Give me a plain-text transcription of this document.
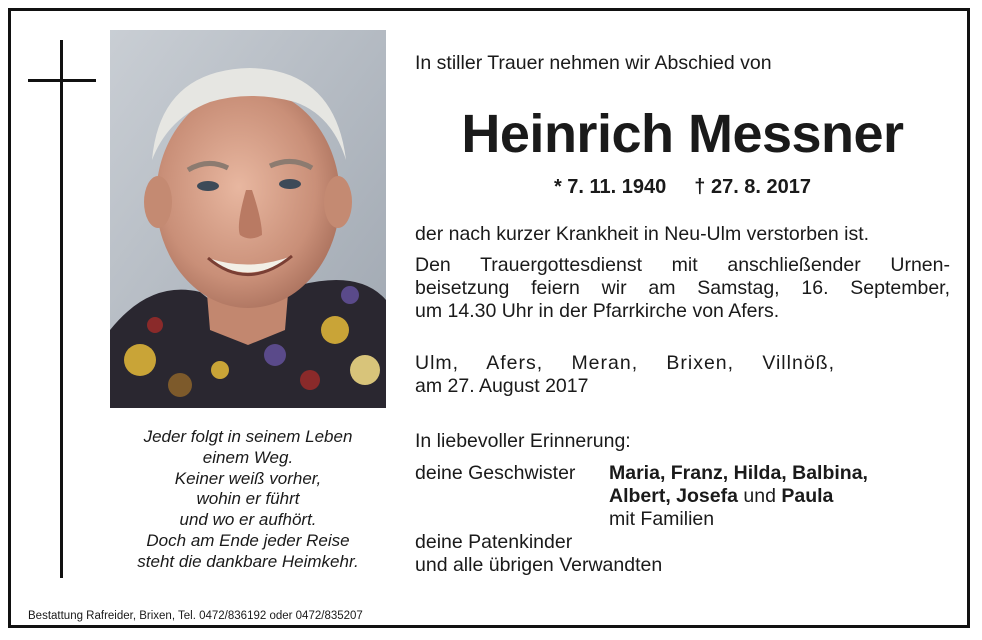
Jeder folgt in seinem Leben
einem Weg.
Keiner weiß vorher,
wohin er führt
und wo er aufhört.
Doch am Ende jeder Reise
steht die dankbare Heimkehr.
Bestattung Rafreider, Brixen, Tel. 0472/836192 oder 0472/835207
In stiller Trauer nehmen wir Abschied von
Heinrich Messner
* 7. 11. 1940 † 27. 8. 2017
der nach kurzer Krankheit in Neu-Ulm verstorben ist.
Den Trauergottesdienst mit anschließender Urnen-
beisetzung feiern wir am Samstag, 16. September,
um 14.30 Uhr in der Pfarrkirche von Afers.
Ulm, Afers, Meran, Brixen, Villnöß,
am 27. August 2017
In liebevoller Erinnerung:
deine Geschwister Maria, Franz, Hilda, Balbina,
Albert, Josefa und Paula
mit Familien
deine Patenkinder
und alle übrigen Verwandten
